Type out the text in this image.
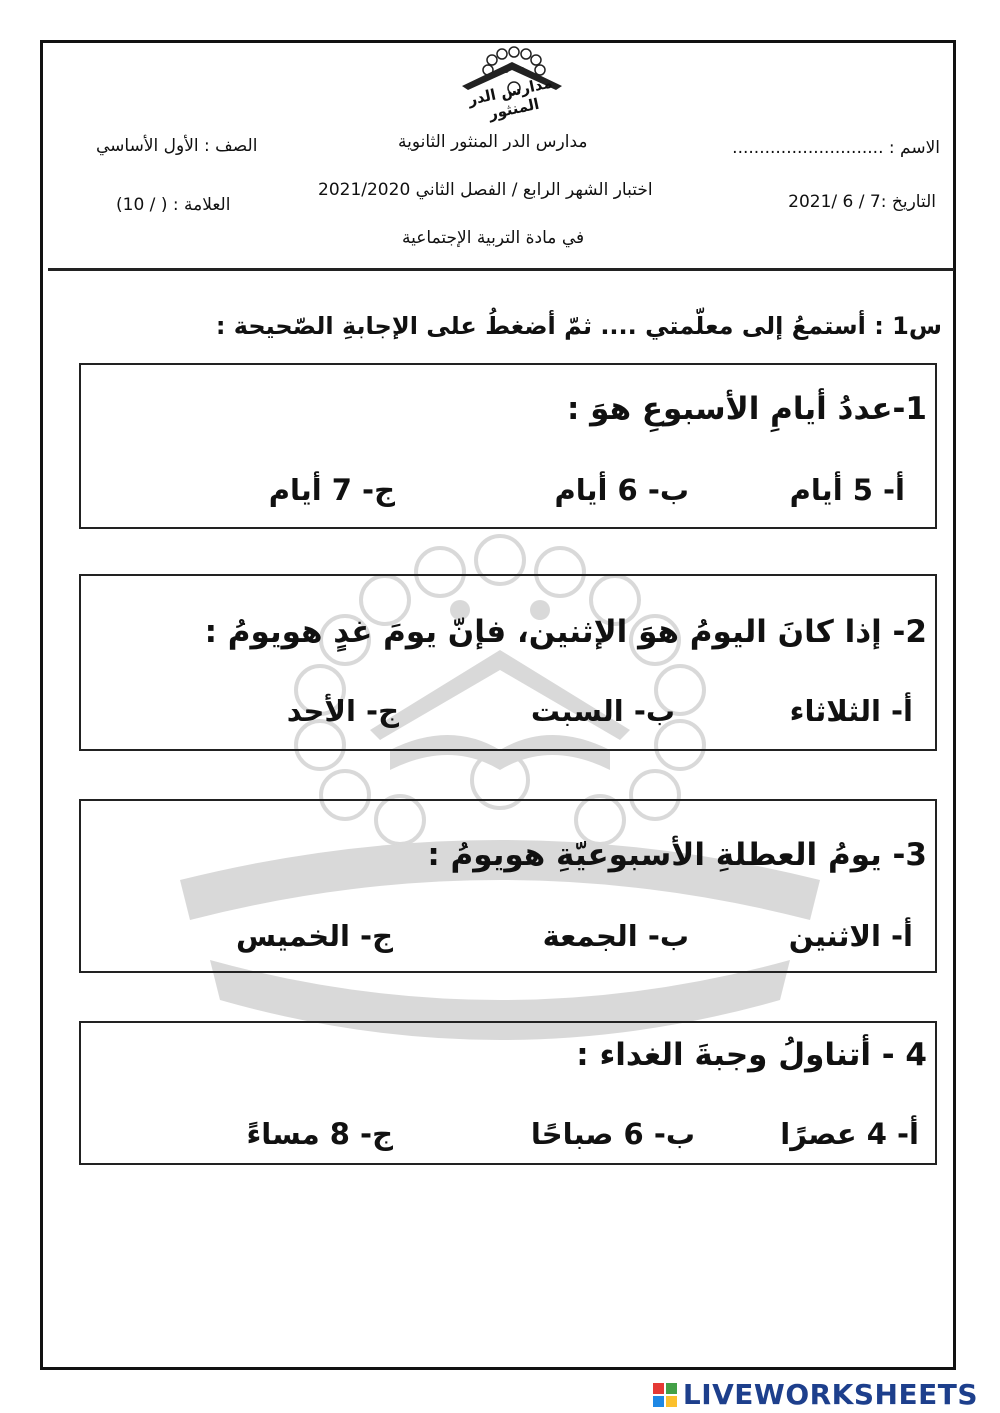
مدارس الدر المنثور
مدارس الدر المنثور الثانوية
اختبار الشهر الرابع / الفصل الثاني 2021/2020
في مادة التربية الإجتماعية
الاسم : ............................
التاريخ :7 / 6 /2021
الصف : الأول الأساسي
العلامة : ( / 10)
س1 : أستمعُ إلى معلّمتي .... ثمّ أضغطُ على الإجابةِ الصّحيحة :
1-عددُ أيامِ الأسبوعِ هوَ :
أ- 5 أيام
ب- 6 أيام
ج- 7 أيام
2- إذا كانَ اليومُ هوَ الإثنين، فإنّ يومَ غدٍ هويومُ :
أ- الثلاثاء
ب- السبت
ج- الأحد
3- يومُ العطلةِ الأسبوعيّةِ هويومُ :
أ- الاثنين
ب- الجمعة
ج- الخميس
4 - أتناولُ وجبةَ الغداء :
أ- 4 عصرًا
ب- 6 صباحًا
ج- 8 مساءً
LIVEWORKSHEETS
